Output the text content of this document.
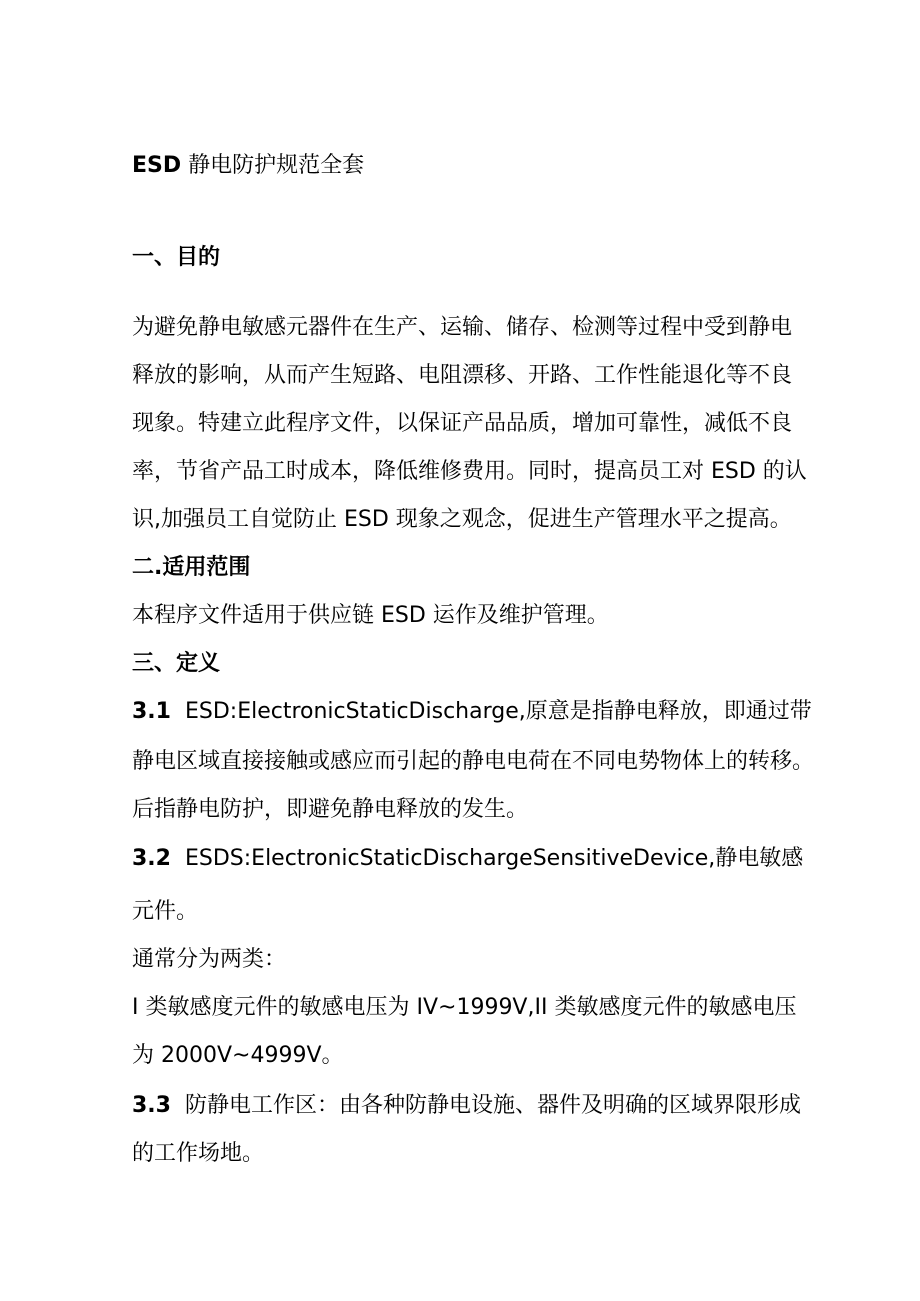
ESD 静电防护规范全套
一、目的
为避免静电敏感元器件在生产、运输、储存、检测等过程中受到静电
释放的影响，从而产生短路、电阻漂移、开路、工作性能退化等不良
现象。特建立此程序文件，以保证产品品质，增加可靠性，减低不良
率，节省产品工时成本，降低维修费用。同时，提高员工对 ESD 的认
识,加强员工自觉防止 ESD 现象之观念，促进生产管理水平之提高。
二.适用范围
本程序文件适用于供应链 ESD 运作及维护管理。
三、定义
3.1 ESD:ElectronicStaticDischarge,原意是指静电释放，即通过带
静电区域直接接触或感应而引起的静电电荷在不同电势物体上的转移。
后指静电防护，即避免静电释放的发生。
3.2 ESDS:ElectronicStaticDischargeSensitiveDevice,静电敏感
元件。
通常分为两类：
I 类敏感度元件的敏感电压为 IV~1999V,II 类敏感度元件的敏感电压
为 2000V~4999V。
3.3 防静电工作区：由各种防静电设施、器件及明确的区域界限形成
的工作场地。
